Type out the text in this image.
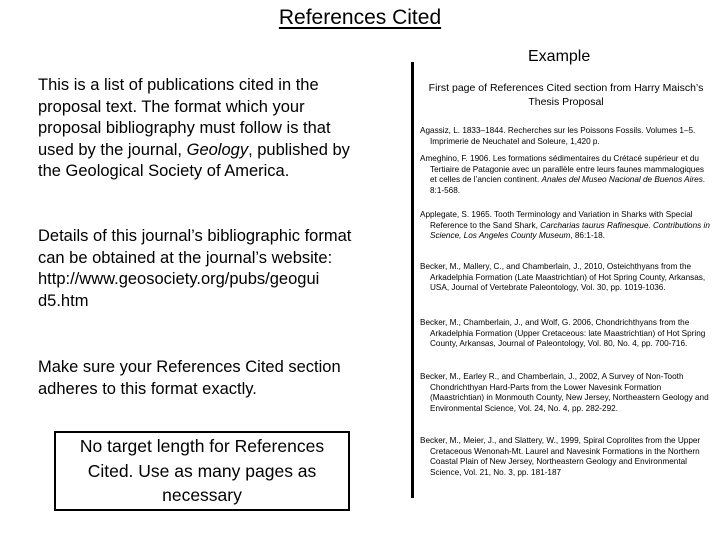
References Cited
Example

This is a list of publications cited in the proposal text. The format which your proposal bibliography must follow is that used by the journal, Geology, published by the Geological Society of America.

Details of this journal’s bibliographic format can be obtained at the journal’s website: http://www.geosociety.org/pubs/geogui d5.htm

Make sure your References Cited section adheres to this format exactly.

No target length for References Cited. Use as many pages as necessary

First page of References Cited section from Harry Maisch’s Thesis Proposal

Agassiz, L. 1833–1844. Recherches sur les Poissons Fossils. Volumes 1–5. Imprimerie de Neuchatel and Soleure, 1,420 p.

Ameghino, F. 1906. Les formations sédimentaires du Crétacé supérieur et du Tertiaire de Patagonie avec un parallèle entre leurs faunes mammalogiques et celles de l’ancien continent. Anales del Museo Nacional de Buenos Aires. 8:1-568.

Applegate, S. 1965. Tooth Terminology and Variation in Sharks with Special Reference to the Sand Shark, Carcharias taurus Rafinesque. Contributions in Science, Los Angeles County Museum, 86:1-18.

Becker, M., Mallery, C., and Chamberlain, J., 2010, Osteichthyans from the Arkadelphia Formation (Late Maastrichtian) of Hot Spring County, Arkansas, USA, Journal of Vertebrate Paleontology, Vol. 30, pp. 1019-1036.

Becker, M., Chamberlain, J., and Wolf, G. 2006, Chondrichthyans from the Arkadelphia Formation (Upper Cretaceous: late Maastrichtian) of Hot Spring County, Arkansas, Journal of Paleontology, Vol. 80, No. 4, pp. 700-716.

Becker, M., Earley R., and Chamberlain, J., 2002, A Survey of Non-Tooth Chondrichthyan Hard-Parts from the Lower Navesink Formation (Maastrichtian) in Monmouth County, New Jersey, Northeastern Geology and Environmental Science, Vol. 24, No. 4, pp. 282-292.

Becker, M., Meier, J., and Slattery, W., 1999, Spiral Coprolites from the Upper Cretaceous Wenonah-Mt. Laurel and Navesink Formations in the Northern Coastal Plain of New Jersey, Northeastern Geology and Environmental Science, Vol. 21, No. 3, pp. 181-187
